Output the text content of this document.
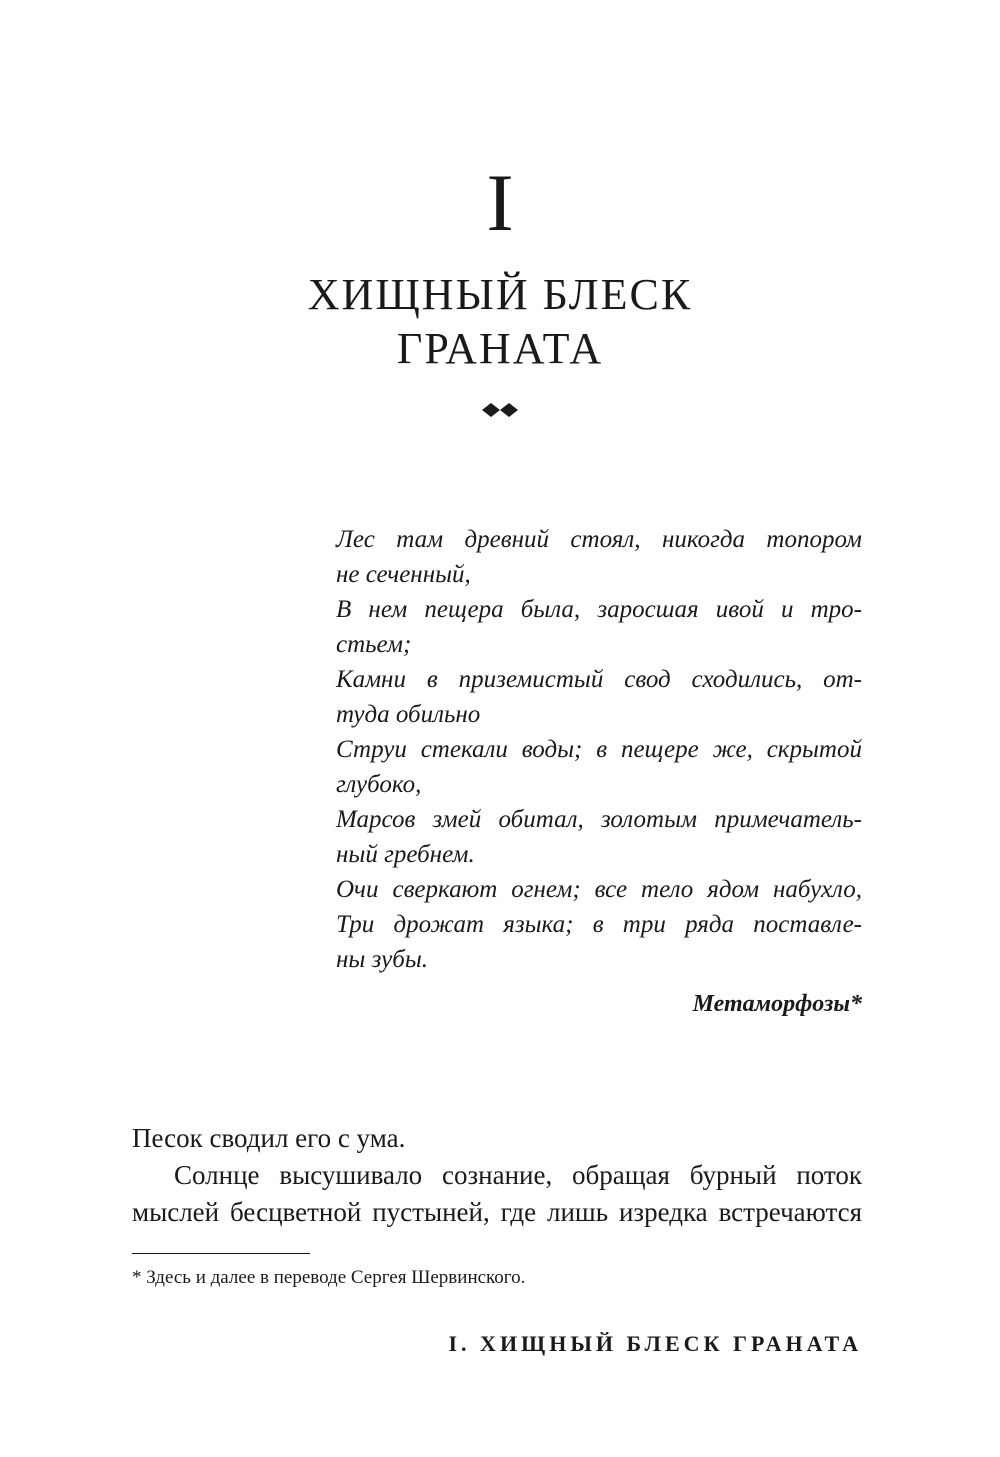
I
ХИЩНЫЙ БЛЕСК
ГРАНАТА
Лес там древний стоял, никогда топором
не сеченный,
В нем пещера была, заросшая ивой и тро-
стьем;
Камни в приземистый свод сходились, от-
туда обильно
Струи стекали воды; в пещере же, скрытой
глубоко,
Марсов змей обитал, золотым примечатель-
ный гребнем.
Очи сверкают огнем; все тело ядом набухло,
Три дрожат языка; в три ряда поставле-
ны зубы.
Метаморфозы*

Песок сводил его с ума.

Солнце высушивало сознание, обращая бурный поток мыслей бесцветной пустыней, где лишь изредка встречаются

* Здесь и далее в переводе Сергея Шервинского.
I. ХИЩНЫЙ БЛЕСК ГРАНАТА
